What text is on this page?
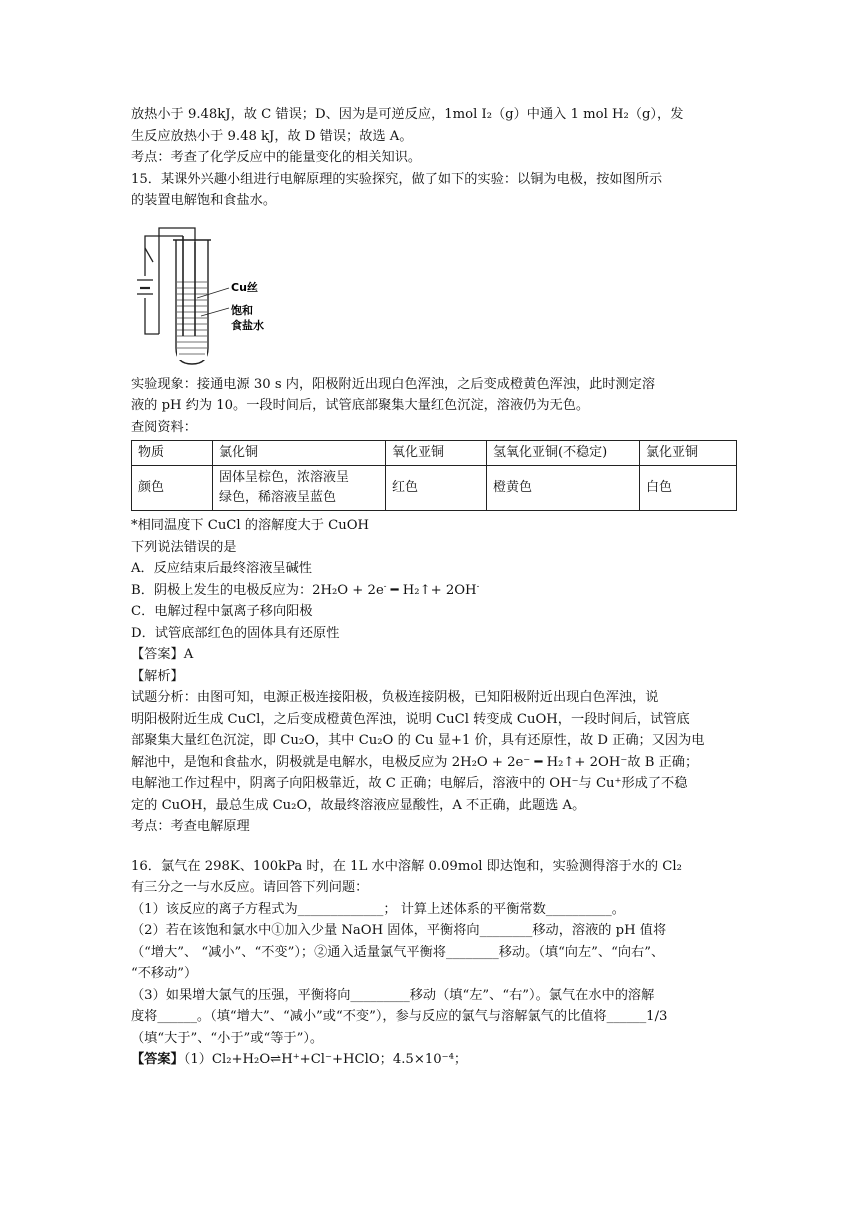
放热小于 9.48kJ，故 C 错误；D、因为是可逆反应，1mol I₂（g）中通入 1 mol H₂（g），发
生反应放热小于 9.48 kJ，故 D 错误；故选 A。
考点：考查了化学反应中的能量变化的相关知识。
15．某课外兴趣小组进行电解原理的实验探究，做了如下的实验：以铜为电极，按如图所示
的装置电解饱和食盐水。
Cu丝
饱和
食盐水
实验现象：接通电源 30 s 内，阳极附近出现白色浑浊，之后变成橙黄色浑浊，此时测定溶
液的 pH 约为 10。一段时间后，试管底部聚集大量红色沉淀，溶液仍为无色。
查阅资料：
物质	氯化铜	氧化亚铜	氢氧化亚铜(不稳定)	氯化亚铜
颜色	固体呈棕色，浓溶液呈
绿色，稀溶液呈蓝色	红色	橙黄色	白色
*相同温度下 CuCl 的溶解度大于 CuOH
下列说法错误的是
A．反应结束后最终溶液呈碱性
B．阴极上发生的电极反应为：2H₂O + 2e- ━ H₂↑+ 2OH-
C．电解过程中氯离子移向阳极
D．试管底部红色的固体具有还原性
【答案】A
【解析】
试题分析：由图可知，电源正极连接阳极，负极连接阴极，已知阳极附近出现白色浑浊，说
明阳极附近生成 CuCl，之后变成橙黄色浑浊，说明 CuCl 转变成 CuOH，一段时间后，试管底
部聚集大量红色沉淀，即 Cu₂O，其中 Cu₂O 的 Cu 显+1 价，具有还原性，故 D 正确；又因为电
解池中，是饱和食盐水，阴极就是电解水，电极反应为 2H₂O + 2e⁻ ━ H₂↑+ 2OH⁻故 B 正确；
电解池工作过程中，阴离子向阳极靠近，故 C 正确；电解后，溶液中的 OH⁻与 Cu⁺形成了不稳
定的 CuOH，最总生成 Cu₂O，故最终溶液应显酸性，A 不正确，此题选 A。
考点：考查电解原理
16．氯气在 298K、100kPa 时，在 1L 水中溶解 0.09mol 即达饱和，实验测得溶于水的 Cl₂
有三分之一与水反应。请回答下列问题：
（1）该反应的离子方程式为_____________； 计算上述体系的平衡常数__________。
（2）若在该饱和氯水中①加入少量 NaOH 固体，平衡将向________移动，溶液的 pH 值将
（“增大”、 “减小”、“不变”）；②通入适量氯气平衡将________移动。（填“向左”、“向右”、
“不移动”）
（3）如果增大氯气的压强，平衡将向_________移动（填“左”、“右”）。氯气在水中的溶解
度将______。（填“增大”、“减小”或“不变”），参与反应的氯气与溶解氯气的比值将______1/3
（填“大于”、“小于”或“等于”）。
【答案】（1）Cl₂+H₂O⇌H⁺+Cl⁻+HClO；4.5×10⁻⁴；
